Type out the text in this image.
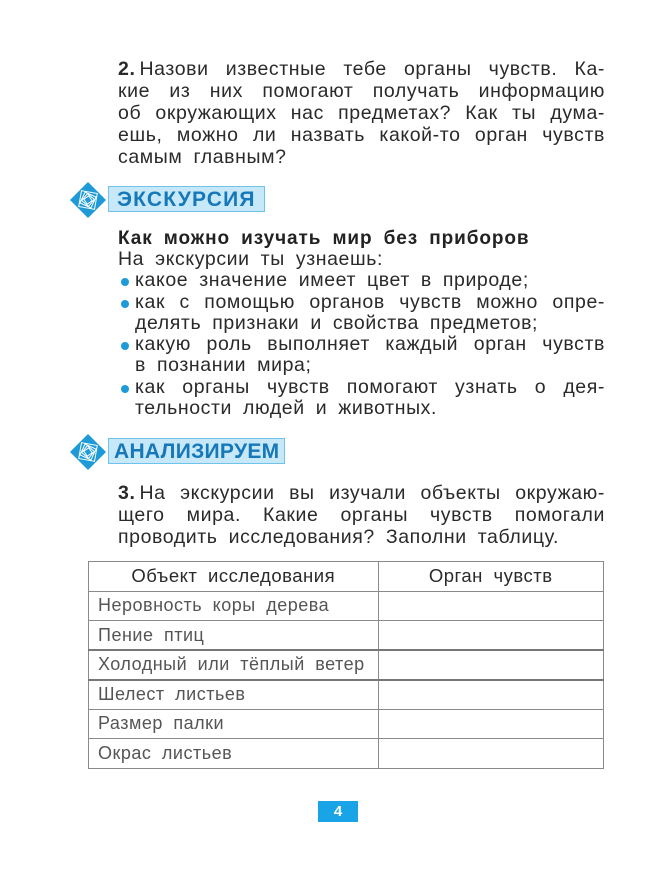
2. Назови известные тебе органы чувств. Ка-
кие из них помогают получать информацию
об окружающих нас предметах? Как ты дума-
ешь, можно ли назвать какой-то орган чувств
самым главным?
ЭКСКУРСИЯ
Как можно изучать мир без приборов
На экскурсии ты узнаешь:
какое значение имеет цвет в природе;
как с помощью органов чувств можно опре-
делять признаки и свойства предметов;
какую роль выполняет каждый орган чувств
в познании мира;
как органы чувств помогают узнать о дея-
тельности людей и животных.
АНАЛИЗИРУЕМ
3. На экскурсии вы изучали объекты окружаю-
щего мира. Какие органы чувств помогали
проводить исследования? Заполни таблицу.
Объект исследования	Орган чувств
Неровность коры дерева	
Пение птиц	
Холодный или тёплый ветер	
Шелест листьев	
Размер палки	
Окрас листьев	
4
